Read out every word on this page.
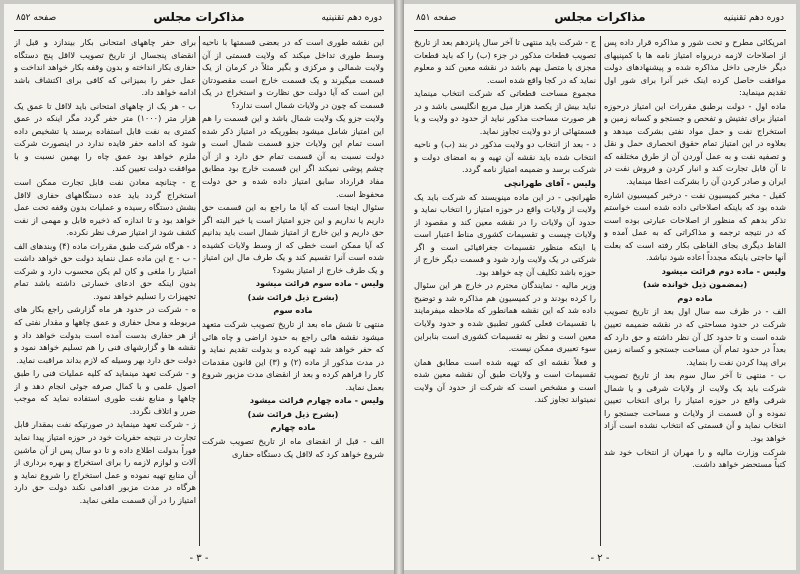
دوره دهم تقنینیه
مذاکرات مجلس
صفحه ۸۵۲

این نقشه طوری است که در بعضی قسمتها با ناحیه وسط طوری تداخل میکند که ولایت قسمتی از آن ولایت شمالی و مرکزی و بگیر مثلاً در کرمان از یک قسمت میگیرند و یک قسمت خارج است مقصودتان این است که آیا دولت حق نظارت و استخراج در یک قسمت که چون در ولایات شمال است ندارد؟

ولایت جزو یک ولایت شمال باشد و این قسمت را هم این امتیاز شامل میشود بطوریکه در امتیاز ذکر شده است تمام این ولایات جزو قسمت شمال است و دولت نسبت به آن قسمت تمام حق دارد و از آن چشم پوشی نمیکند اگر این قسمت خارج بود مطابق مفاد قرارداد سابق امتیاز داده شده و حق دولت محفوظ است.

سئوال اینجا است که آیا ما راجع به این قسمت حق داریم یا نداریم و این جزو امتیاز است یا خیر البته اگر حق داریم و این خارج از امتیاز شمال است باید بدانیم که آیا ممکن است خطی که از وسط ولایات کشیده شده است آنرا تقسیم کند و یک طرف مال این امتیاز و یک طرف خارج از امتیاز بشود؟

ولیس - ماده سوم قرائت میشود

(بشرح ذیل قرائت شد)

ماده سوم

منتهی تا شش ماه بعد از تاریخ تصویب شرکت متعهد میشود نقشه هائی راجع به حدود اراضی و چاه هائی که حفر خواهد شد تهیه کرده و بدولت تقدیم نماید و در مدت مذکور از ماده (۲) و (۳) این قانون مقدمات کار را فراهم کرده و بعد از انقضای مدت مزبور شروع بعمل نماید.

ولیس - ماده چهارم قرائت میشود

(بشرح ذیل قرائت شد)

ماده چهارم

الف - قبل از انقضای ماه از تاریخ تصویب شرکت شروع خواهد کرد که لااقل یک دستگاه حفاری

برای حفر چاههای امتحانی بکار بیندازد و قبل از انقضای پنجسال از تاریخ تصویب لااقل پنج دستگاه حفاری بکار انداخته و بدون وقفه بکار خواهد انداخت و عمل حفر را بمیزانی که کافی برای اکتشاف باشد ادامه خواهد داد.

ب - هر یک از چاههای امتحانی باید لااقل تا عمق یک هزار متر (۱۰۰۰) متر حفر گردد مگر اینکه در عمق کمتری به نفت قابل استفاده برسند یا تشخیص داده شود که ادامه حفر فایده ندارد در اینصورت شرکت ملزم خواهد بود عمق چاه را بهمین نسبت و با موافقت دولت تعیین کند.

ج - چنانچه معادن نفت قابل تجارت ممکن است استخراج گردد باید عده دستگاههای حفاری لااقل بشش دستگاه رسیده و عملیات بدون وقفه تحت عمل خواهد بود و تا اندازه که ذخیره قابل و مهمی از نفت کشف شود از امتیاز صرف نظر نکرده.

د - هرگاه شرکت طبق مقررات ماده (۴) وبندهای الف - ب - ج این ماده عمل ننماید دولت حق خواهد داشت امتیاز را ملغی و کان لم یکن محسوب دارد و شرکت بدون اینکه حق ادعای خسارتی داشته باشد تمام تجهیزات را تسلیم خواهد نمود.

ه - شرکت در حدود هر ماه گزارشی راجع بکار های مربوطه و محل حفاری و عمق چاهها و مقدار نفتی که از هر حفاری بدست آمده است بدولت خواهد داد و نقشه ها و گزارشهای فنی را هم تسلیم خواهد نمود و دولت حق دارد بهر وسیله که لازم بداند مراقبت نماید.

و - شرکت تعهد مینماید که کلیه عملیات فنی را طبق اصول علمی و با کمال صرفه جوئی انجام دهد و از چاهها و منابع نفت طوری استفاده نماید که موجب ضرر و اتلاف نگردد.

ز - شرکت تعهد مینماید در صورتیکه نفت بمقدار قابل تجارت در نتیجه حفریات خود در حوزه امتیاز پیدا نماید فوراً بدولت اطلاع داده و تا دو سال پس از آن ماشین آلات و لوازم لازمه را برای استخراج و بهره برداری از آن منابع تهیه نموده و عمل استخراج را شروع نماید و هرگاه در مدت مزبور اقدامی نکند دولت حق دارد امتیاز را در آن قسمت ملغی نماید.

- ۳ -
دوره دهم تقنینیه
مذاکرات مجلس
صفحه ۸۵۱

امریکائی مطرح و تحت شور و مذاکره قرار داده پس از اصلاحات لازمه دربرواه امتیاز نامه ها با کمپنیهای دیگر خارجی داخل مذاکره شده و پیشنهادهای دولت موافقت حاصل کرده اینک خبر آنرا برای شور اول تقدیم مینماید:

ماده اول - دولت برطبق مقررات این امتیاز درحوزه امتیاز برای تفتیش و تفحص و جستجو و کسانه زمین و استخراج نفت و حمل مواد نفتی بشرکت میدهد و بعلاوه در این امتیاز تمام حقوق انحصاری حمل و نقل و تصفیه نفت و به عمل آوردن آن از طرق مختلفه که تا آن قابل تجارت کند و انبار کردن و فروش نفت در ایران و صادر کردن آن را بشرکت اعطا مینماید.

کفیل - مخبر کمیسیون نفت - درخبر کمیسیون اشاره شده بود که باینکه اصلاحاتی داده شده است خواستم تذکر بدهم که منظور از اصلاحات عبارتی بوده است که در نتیجه ترجمه و مذاکراتی که به عمل آمده و الفاظ دیگری بجای الفاظی بکار رفته است که بعلت آنها حاجتی باینکه مجدداً اعاده شود نباشد.

ولیس - ماده دوم قرائت میشود

(بمضمون ذیل خوانده شد)

ماده دوم

الف - در ظرف سه سال اول بعد از تاریخ تصویب شرکت در حدود مساحتی که در نقشه ضمیمه تعیین شده است و تا حدود کل آن نظر داشته و حق دارد که بعداً در حدود تمام آن مساحت جستجو و کسانه زمین برای پیدا کردن نفت را بنماید.

ب - منتهی تا آخر سال سوم بعد از تاریخ تصویب شرکت باید یک ولایت از ولایات شرقی و یا شمال شرقی واقع در حوزه امتیاز را برای انتخاب تعیین نموده و آن قسمت از ولایات و مساحت جستجو را انتخاب نماید و آن قسمتی که انتخاب نشده است آزاد خواهد بود.

شرکت وزارت مالیه و را مهران از انتخاب خود شد کتباً مستحضر خواهد داشت.

ج - شرکت باید منتهی تا آخر سال پانزدهم بعد از تاریخ تصویب قطعات مذکور در جزء (ب) را که باید قطعات مجزی یا متصل بهم باشد در نقشه معین کند و معلوم نماید که در کجا واقع شده است.

مجموع مساحت قطعاتی که شرکت انتخاب مینماید نباید بیش از یکصد هزار میل مربع انگلیسی باشد و در هر صورت مساحت مذکور نباید از حدود دو ولایت و یا قسمتهائی از دو ولایت تجاوز نماید.

د - بعد از انتخاب دو ولایت مذکور در بند (ب) و ناحیه انتخاب شده باید نقشه آن تهیه و به امضای دولت و شرکت برسد و ضمیمه امتیاز نامه گردد.

ولیس - آقای طهرانچی

طهرانچی - در این ماده مینویسند که شرکت باید یک ولایت از ولایات واقع در حوزه امتیاز را انتخاب نماید و حدود آن ولایات را در نقشه معین کند و مقصود از ولایات چیست و تقسیمات کشوری مناط اعتبار است یا اینکه منظور تقسیمات جغرافیائی است و اگر شرکتی در یک ولایت وارد شود و قسمت دیگر خارج از حوزه باشد تکلیف آن چه خواهد بود.

وزیر مالیه - نمایندگان محترم در خارج هر این سئوال را کرده بودند و در کمیسیون هم مذاکره شد و توضیح داده شد که این نقشه همانطور که ملاحظه میفرمایند با تقسیمات فعلی کشور تطبیق شده و حدود ولایات معین است و نظر به تقسیمات کشوری است بنابراین سوء تعبیری ممکن نیست.

و فعلاً نقشه ای که تهیه شده است مطابق همان تقسیمات است و ولایات طبق آن نقشه معین شده است و مشخص است که شرکت از حدود آن ولایت نمیتواند تجاوز کند.

- ۲ -
